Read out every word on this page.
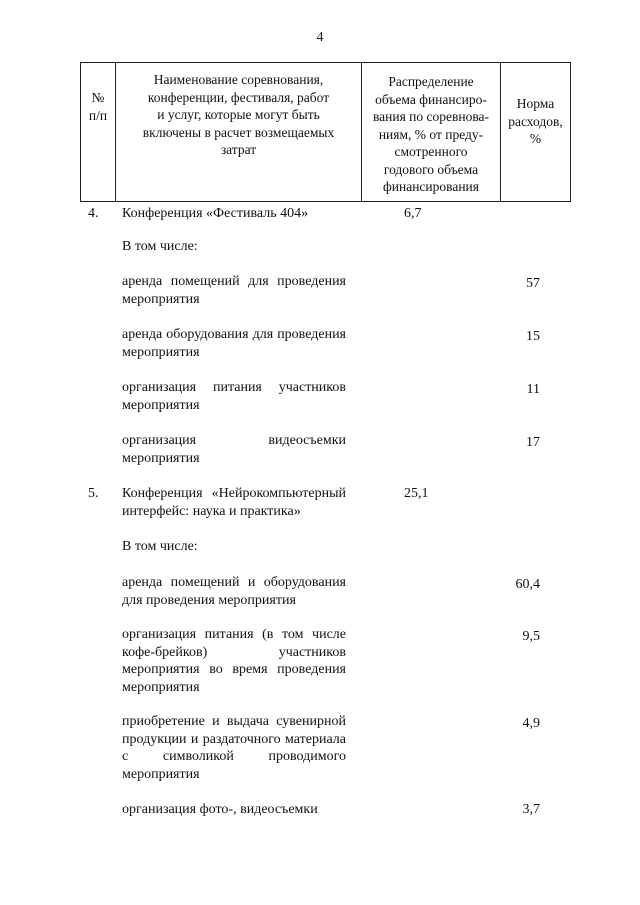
4
№
п/п
Наименование соревнования,
конференции, фестиваля, работ
и услуг, которые могут быть
включены в расчет возмещаемых
затрат
Распределение
объема финансиро-
вания по соревнова-
ниям, % от преду-
смотренного
годового объема
финансирования
Норма
расходов,
%
4. Конференция «Фестиваль 404»	6,7
В том числе:
аренда помещений для проведения мероприятия
57
аренда оборудования для проведения мероприятия
15
организация питания участников мероприятия
11
организация видеосъемки мероприятия
17
5. Конференция «Нейрокомпьютерный интерфейс: наука и практика»
25,1
В том числе:
аренда помещений и оборудования для проведения мероприятия
60,4
организация питания (в том числе кофе-брейков) участников мероприятия во время проведения мероприятия
9,5
приобретение и выдача сувенирной продукции и раздаточного материала с символикой проводимого мероприятия
4,9
организация фото-, видеосъемки	3,7
